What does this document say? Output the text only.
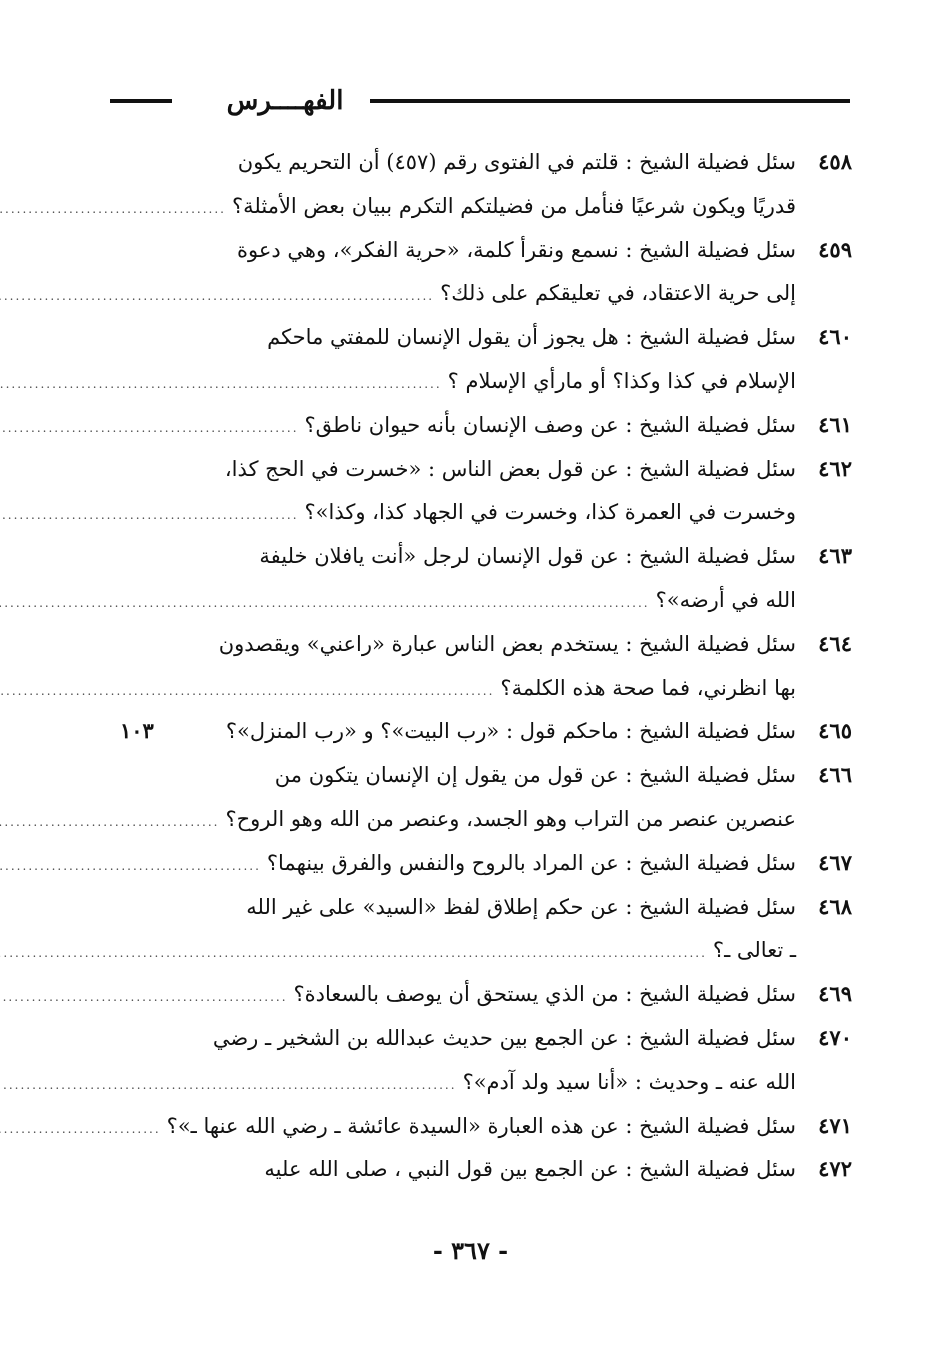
الفهــــرس
٤٥٨
سئل فضيلة الشيخ : قلتم في الفتوى رقم (٤٥٧) أن التحريم يكون
قدريًا ويكون شرعيًا فنأمل من فضيلتكم التكرم ببيان بعض الأمثلة؟
.....
٤٥٩
سئل فضيلة الشيخ : نسمع ونقرأ كلمة، «حرية الفكر»، وهي دعوة
إلى حرية الاعتقاد، في تعليقكم على ذلك؟
.....
٤٦٠
سئل فضيلة الشيخ : هل يجوز أن يقول الإنسان للمفتي ماحكم
الإسلام في كذا وكذا؟ أو مارأي الإسلام ؟
.....
٤٦١
سئل فضيلة الشيخ : عن وصف الإنسان بأنه حيوان ناطق؟
.....
٤٦٢
سئل فضيلة الشيخ : عن قول بعض الناس : «خسرت في الحج كذا،
وخسرت في العمرة كذا، وخسرت في الجهاد كذا، وكذا»؟
.....
٤٦٣
سئل فضيلة الشيخ : عن قول الإنسان لرجل «أنت يافلان خليفة
الله في أرضه»؟
.....
٤٦٤
سئل فضيلة الشيخ : يستخدم بعض الناس عبارة «راعني» ويقصدون
بها انظرني، فما صحة هذه الكلمة؟
.....
٤٦٥
سئل فضيلة الشيخ : ماحكم قول : «رب البيت»؟ و «رب المنزل»؟
١٠٣
٤٦٦
سئل فضيلة الشيخ : عن قول من يقول إن الإنسان يتكون من
عنصرين عنصر من التراب وهو الجسد، وعنصر من الله وهو الروح؟
.....
٤٦٧
سئل فضيلة الشيخ : عن المراد بالروح والنفس والفرق بينهما؟
.....
٤٦٨
سئل فضيلة الشيخ : عن حكم إطلاق لفظ «السيد» على غير الله
ـ تعالى ـ؟
.....
٤٦٩
سئل فضيلة الشيخ : من الذي يستحق أن يوصف بالسعادة؟
.....
٤٧٠
سئل فضيلة الشيخ : عن الجمع بين حديث عبدالله بن الشخير ـ رضي
الله عنه ـ وحديث : «أنا سيد ولد آدم»؟
.....
٤٧١
سئل فضيلة الشيخ : عن هذه العبارة «السيدة عائشة ـ رضي الله عنها ـ»؟
.....
٤٧٢
سئل فضيلة الشيخ : عن الجمع بين قول النبي ، صلى الله عليه
- ٣٦٧ -
